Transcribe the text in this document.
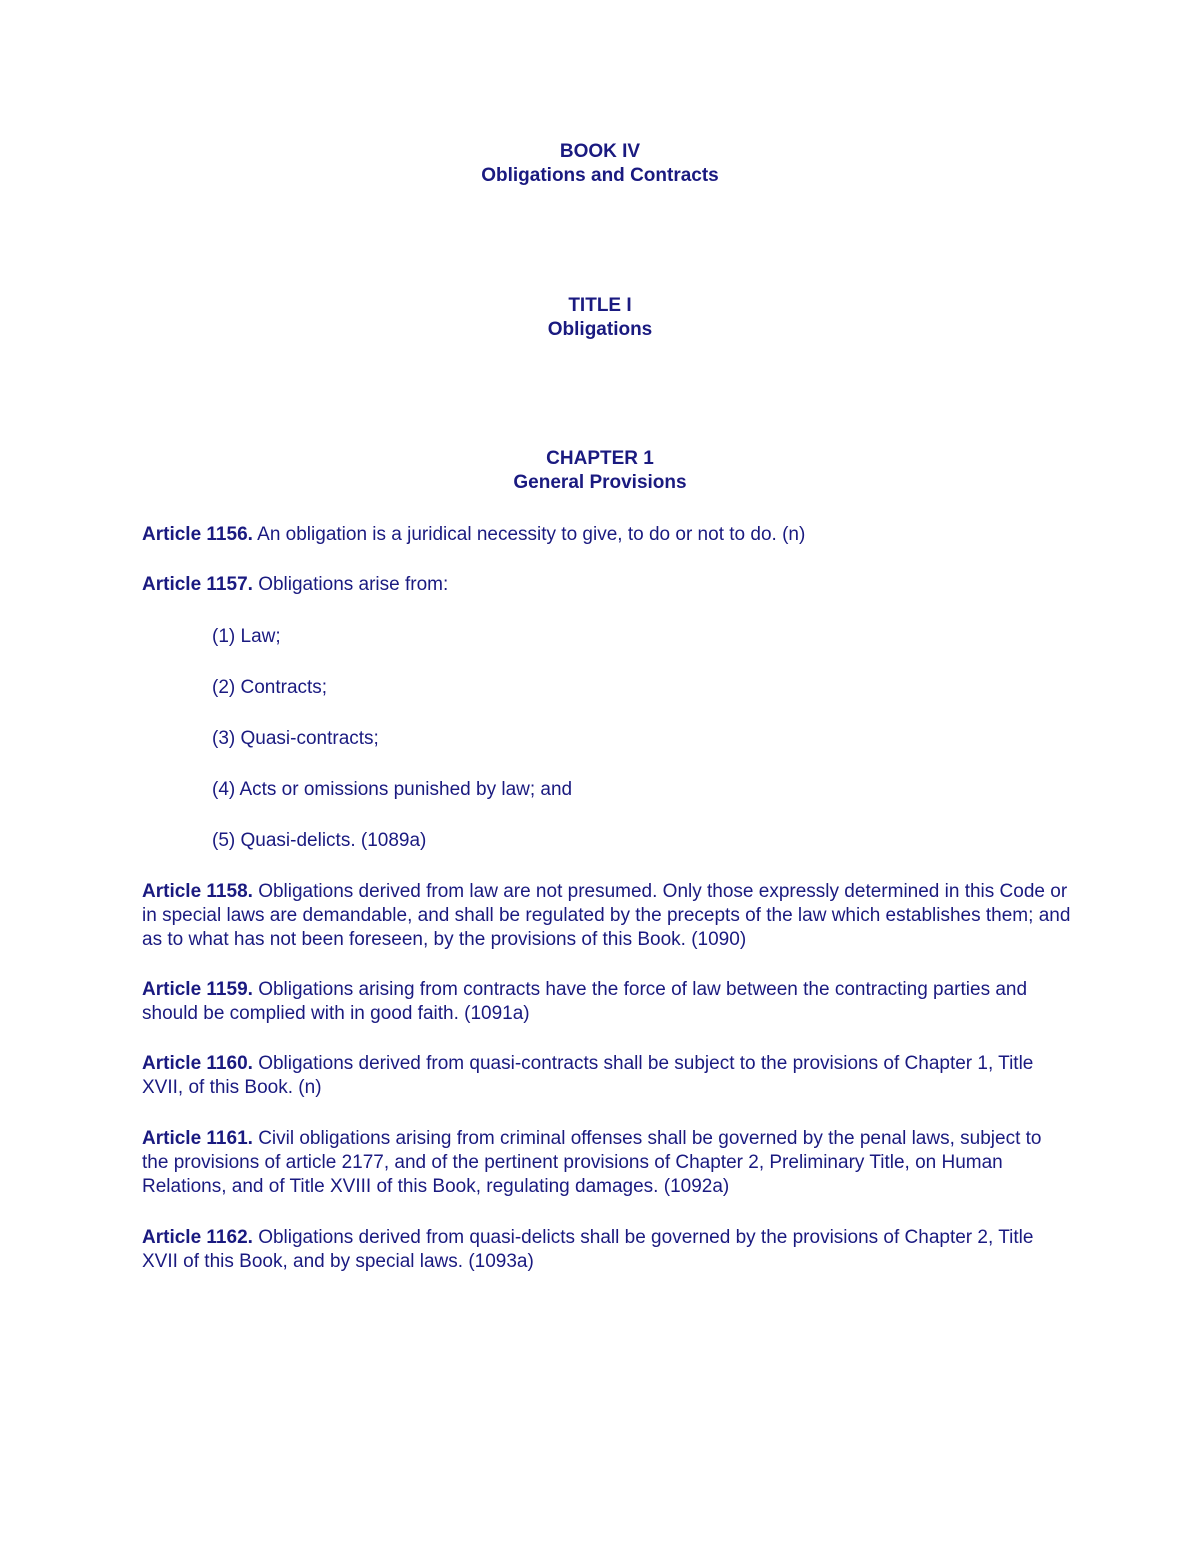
BOOK IV
Obligations and Contracts
TITLE I
Obligations
CHAPTER 1
General Provisions
Article 1156. An obligation is a juridical necessity to give, to do or not to do. (n)
Article 1157. Obligations arise from:
(1) Law;
(2) Contracts;
(3) Quasi-contracts;
(4) Acts or omissions punished by law; and
(5) Quasi-delicts. (1089a)
Article 1158. Obligations derived from law are not presumed. Only those expressly determined in this Code or in special laws are demandable, and shall be regulated by the precepts of the law which establishes them; and as to what has not been foreseen, by the provisions of this Book. (1090)
Article 1159. Obligations arising from contracts have the force of law between the contracting parties and should be complied with in good faith. (1091a)
Article 1160. Obligations derived from quasi-contracts shall be subject to the provisions of Chapter 1, Title XVII, of this Book. (n)
Article 1161. Civil obligations arising from criminal offenses shall be governed by the penal laws, subject to the provisions of article 2177, and of the pertinent provisions of Chapter 2, Preliminary Title, on Human Relations, and of Title XVIII of this Book, regulating damages. (1092a)
Article 1162. Obligations derived from quasi-delicts shall be governed by the provisions of Chapter 2, Title XVII of this Book, and by special laws. (1093a)
